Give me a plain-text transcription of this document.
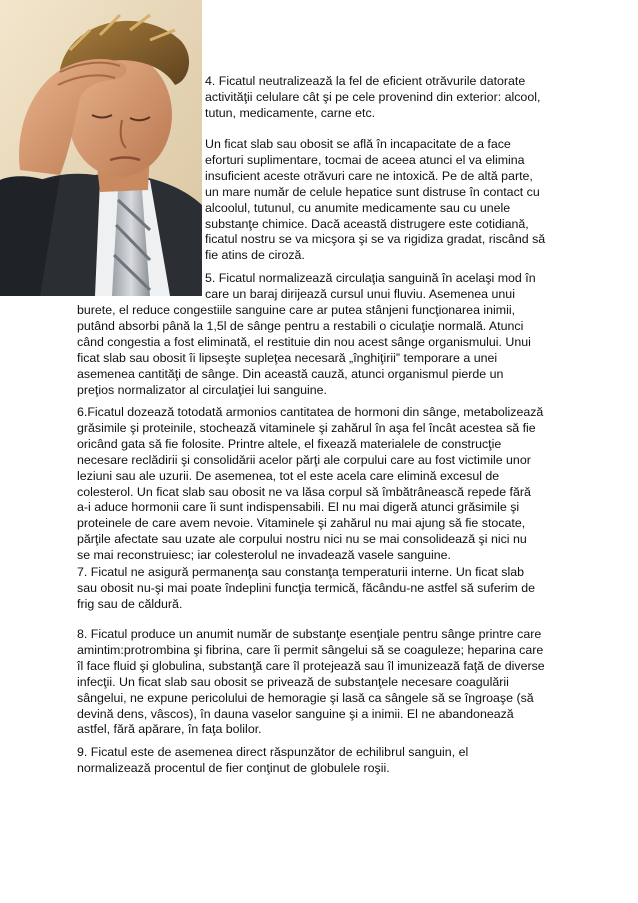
4. Ficatul neutralizează la fel de eficient otrăvurile datorate
activităţii celulare cât şi pe cele provenind din exterior: alcool,
tutun, medicamente, carne etc.
Un ficat slab sau obosit se află în incapacitate de a face
eforturi suplimentare, tocmai de aceea atunci el va elimina
insuficient aceste otrăvuri care ne intoxică. Pe de altă parte,
un mare număr de celule hepatice sunt distruse în contact cu
alcoolul, tutunul, cu anumite medicamente sau cu unele
substanţe chimice. Dacă această distrugere este cotidiană,
ficatul nostru se va micşora şi se va rigidiza gradat, riscând să
fie atins de ciroză.
5. Ficatul normalizează circulaţia sanguină în acelaşi mod în
care un baraj dirijează cursul unui fluviu. Asemenea unui
burete, el reduce congestiile sanguine care ar putea stânjeni funcţionarea inimii,
putând absorbi până la 1,5l de sânge pentru a restabili o ciculaţie normală. Atunci
când congestia a fost eliminată, el restituie din nou acest sânge organismului. Unui
ficat slab sau obosit îi lipseşte supleţea necesară „înghiţirii” temporare a unei
asemenea cantităţi de sânge. Din această cauză, atunci organismul pierde un
preţios normalizator al circulaţiei lui sanguine.
6.Ficatul dozează totodată armonios cantitatea de hormoni din sânge, metabolizează
grăsimile şi proteinile, stochează vitaminele şi zahărul în aşa fel încât acestea să fie
oricând gata să fie folosite. Printre altele, el fixează materialele de construcţie
necesare reclădirii şi consolidării acelor părţi ale corpului care au fost victimile unor
leziuni sau ale uzurii. De asemenea, tot el este acela care elimină excesul de
colesterol. Un ficat slab sau obosit ne va lăsa corpul să îmbătrânească repede fără
a-i aduce hormonii care îi sunt indispensabili. El nu mai digeră atunci grăsimile şi
proteinele de care avem nevoie. Vitaminele şi zahărul nu mai ajung să fie stocate,
părţile afectate sau uzate ale corpului nostru nici nu se mai consolidează şi nici nu
se mai reconstruiesc; iar colesterolul ne invadează vasele sanguine.
7. Ficatul ne asigură permanenţa sau constanţa temperaturii interne. Un ficat slab
sau obosit nu-şi mai poate îndeplini funcţia termică, făcându-ne astfel să suferim de
frig sau de căldură.
8. Ficatul produce un anumit număr de substanţe esenţiale pentru sânge printre care
amintim:protrombina şi fibrina, care îi permit sângelui să se coaguleze; heparina care
îl face fluid şi globulina, substanţă care îl protejează sau îl imunizează faţă de diverse
infecţii. Un ficat slab sau obosit se privează de substanţele necesare coagulării
sângelui, ne expune pericolului de hemoragie şi lasă ca sângele să se îngroaşe (să
devină dens, vâscos), în dauna vaselor sanguine şi a inimii. El ne abandonează
astfel, fără apărare, în faţa bolilor.
9. Ficatul este de asemenea direct răspunzător de echilibrul sanguin, el
normalizează procentul de fier conţinut de globulele roşii.
